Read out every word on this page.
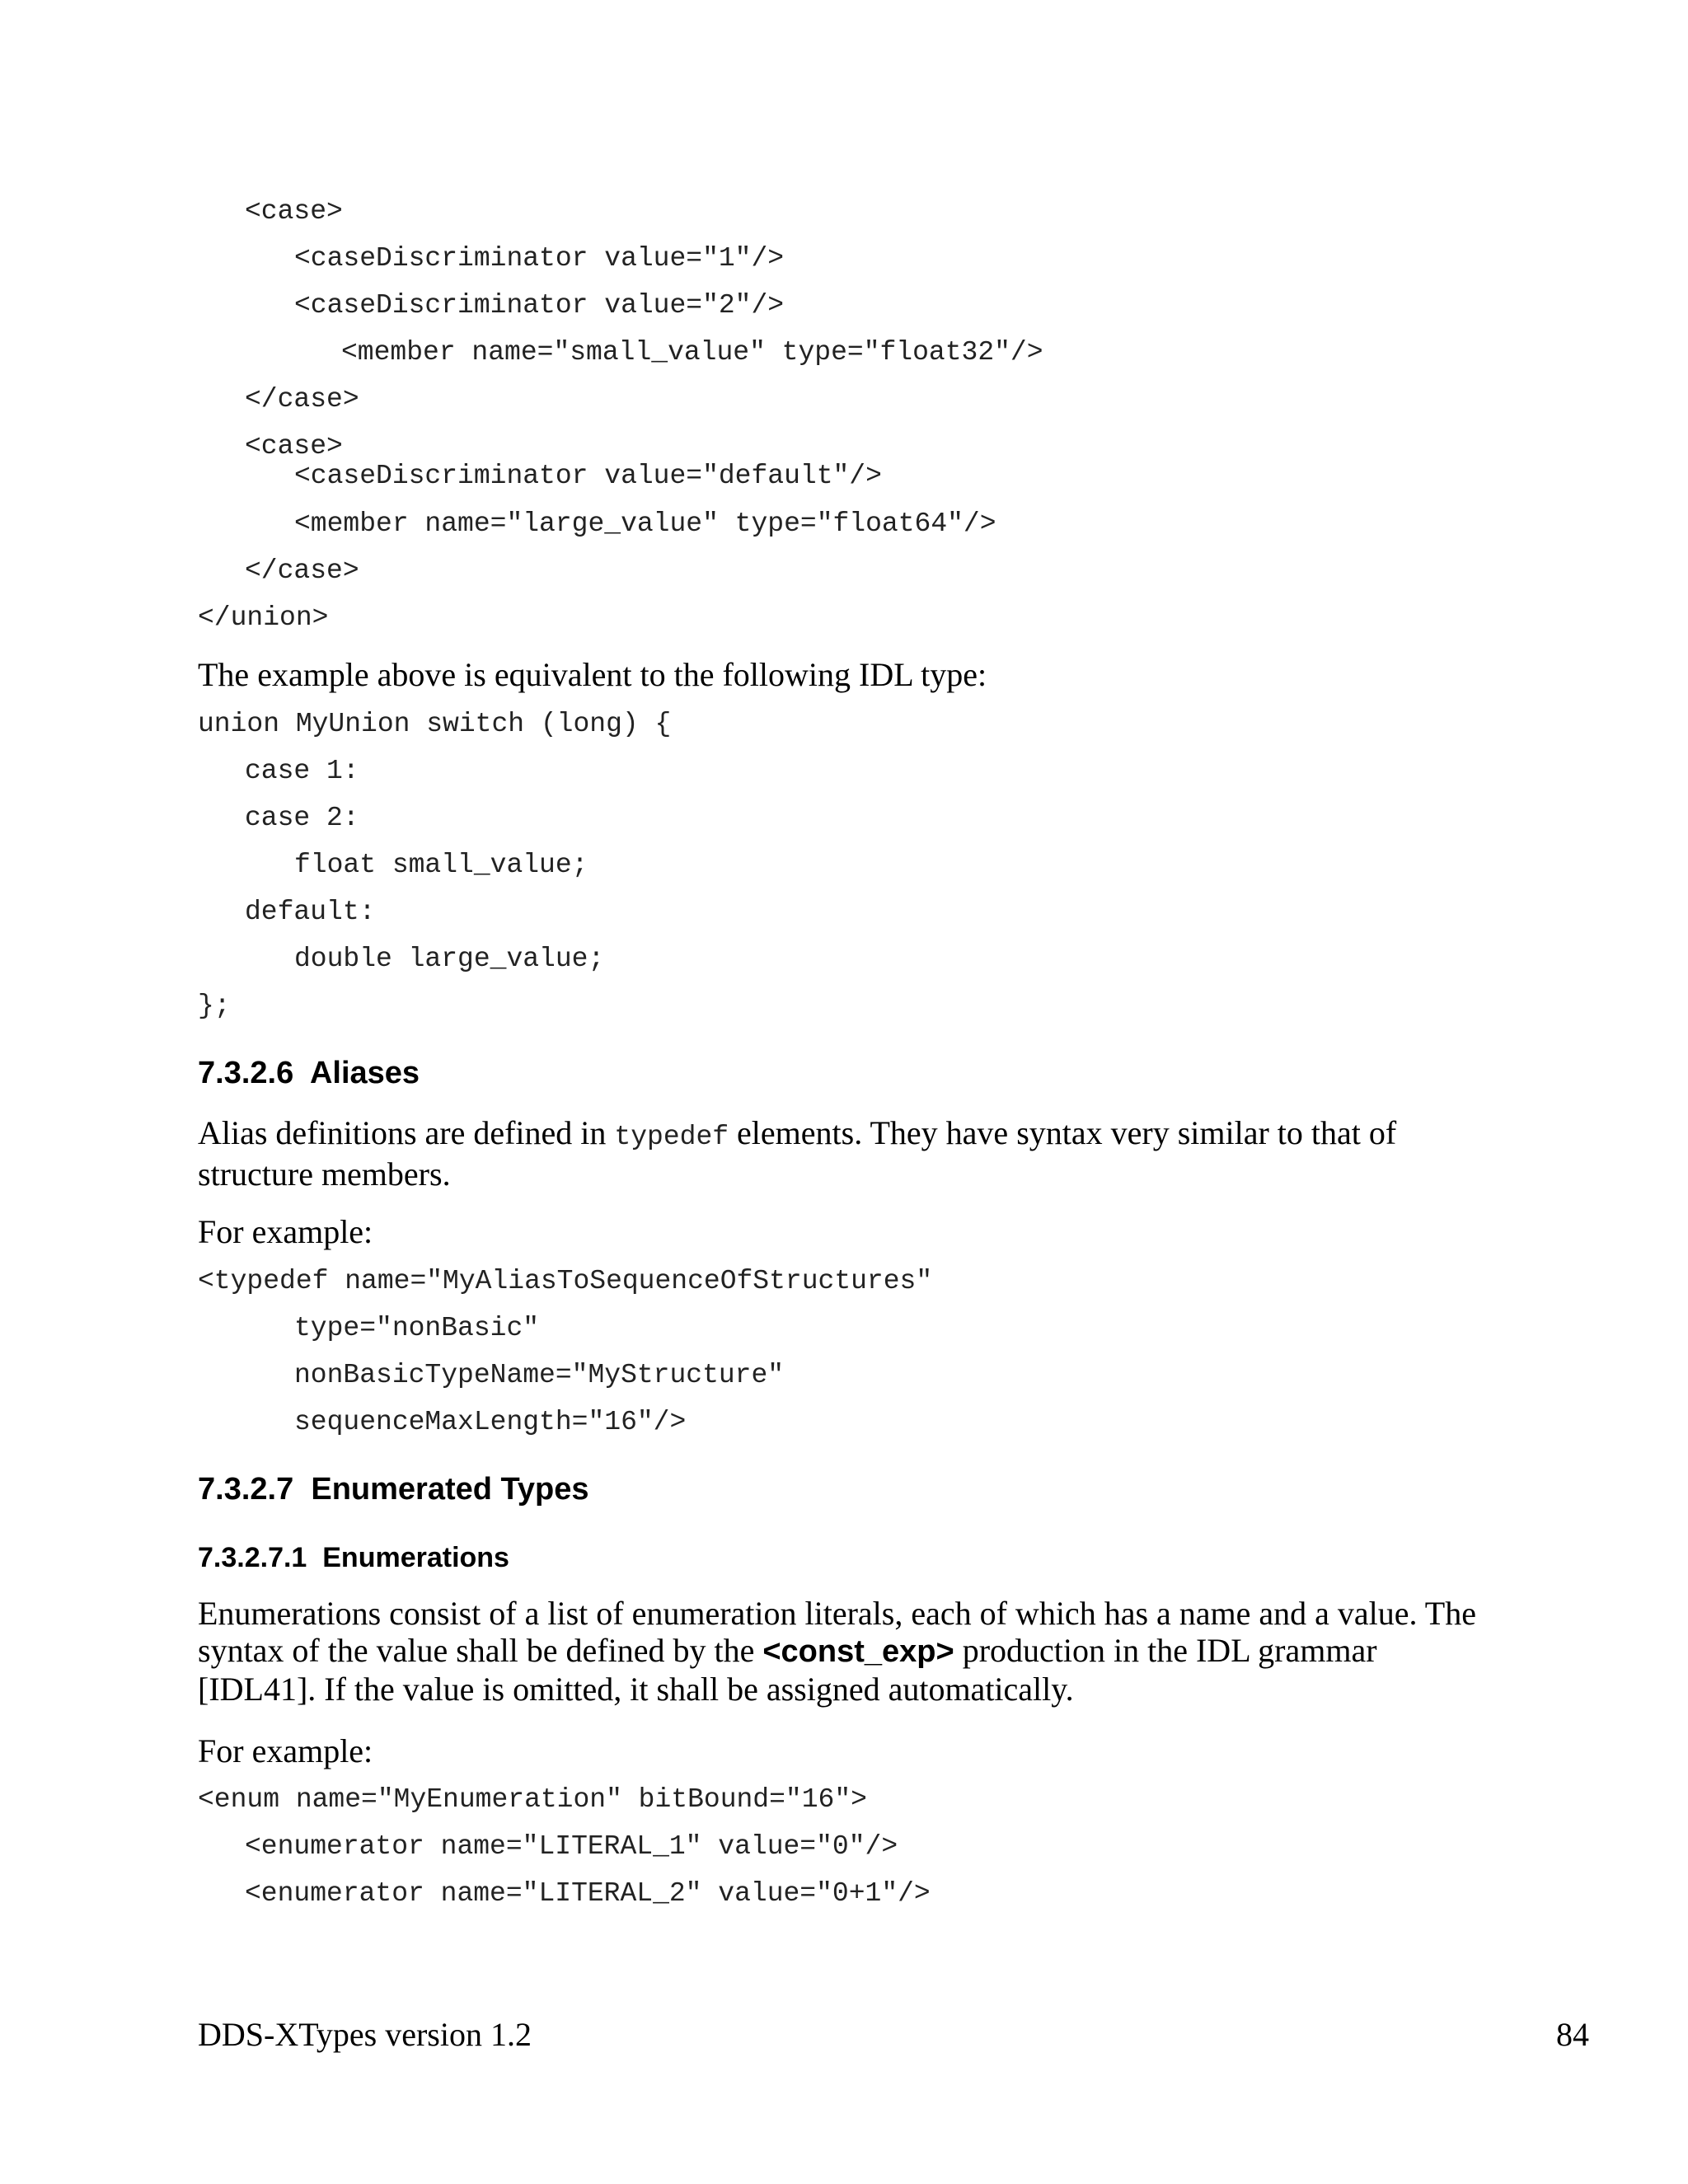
<case>
<caseDiscriminator value="1"/>
<caseDiscriminator value="2"/>
<member name="small_value" type="float32"/>
</case>
<case>
<caseDiscriminator value="default"/>
<member name="large_value" type="float64"/>
</case>
</union>
The example above is equivalent to the following IDL type:
union MyUnion switch (long) {
case 1:
case 2:
float small_value;
default:
double large_value;
};
7.3.2.6 Aliases
Alias definitions are defined in typedef elements. They have syntax very similar to that of structure members.
For example:
<typedef name="MyAliasToSequenceOfStructures"
type="nonBasic"
nonBasicTypeName="MyStructure"
sequenceMaxLength="16"/>
7.3.2.7 Enumerated Types
7.3.2.7.1 Enumerations
Enumerations consist of a list of enumeration literals, each of which has a name and a value. The syntax of the value shall be defined by the <const_exp> production in the IDL grammar [IDL41]. If the value is omitted, it shall be assigned automatically.
For example:
<enum name="MyEnumeration" bitBound="16">
<enumerator name="LITERAL_1" value="0"/>
<enumerator name="LITERAL_2" value="0+1"/>
DDS-XTypes version 1.2	84
